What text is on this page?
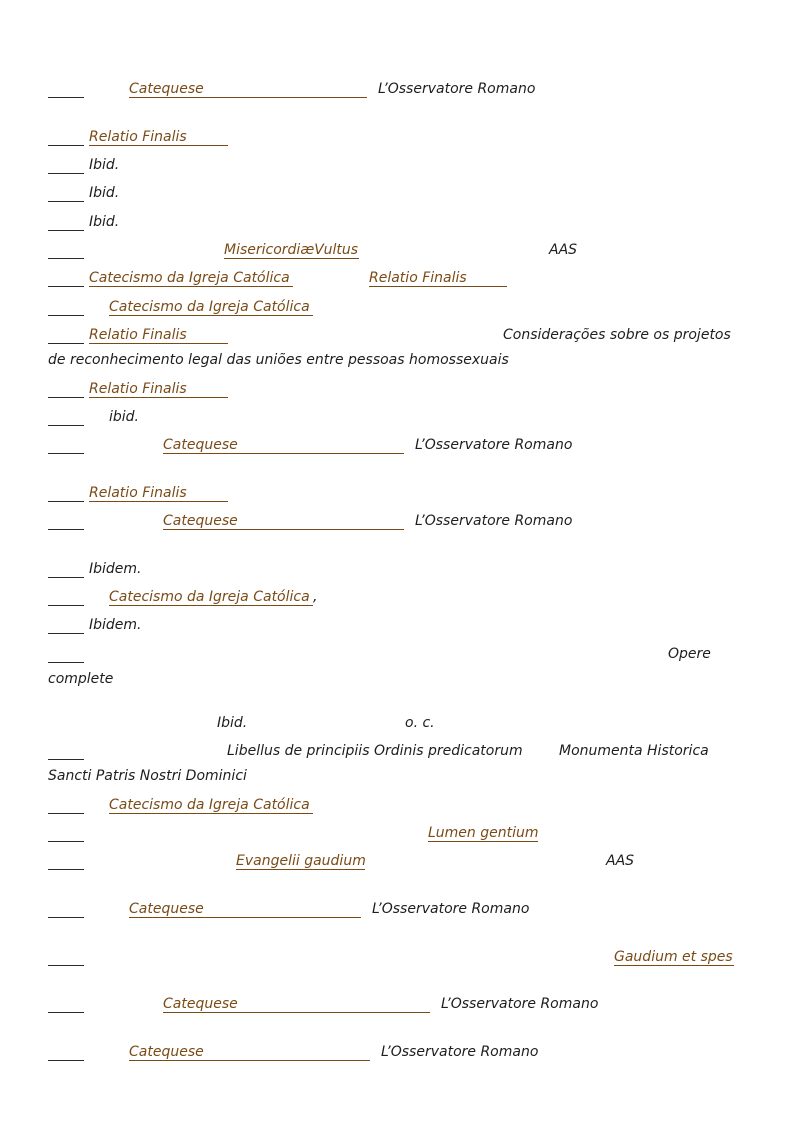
Catequese	L’Osservatore Romano
Relatio Finalis
Ibid.
Ibid.
Ibid.
MisericordiæVultus	AAS
Catecismo da Igreja Católica	Relatio Finalis
Catecismo da Igreja Católica
Relatio Finalis	Considerações sobre os projetos
de reconhecimento legal das uniões entre pessoas homossexuais
Relatio Finalis
ibid.
Catequese	L’Osservatore Romano
Relatio Finalis
Catequese	L’Osservatore Romano
Ibidem.
Catecismo da Igreja Católica ,
Ibidem.
Opere
complete
Ibid.	o. c.
Libellus de principiis Ordinis predicatorum	Monumenta Historica
Sancti Patris Nostri Dominici
Catecismo da Igreja Católica
Lumen gentium
Evangelii gaudium	AAS
Catequese	L’Osservatore Romano
Gaudium et spes
Catequese	L’Osservatore Romano
Catequese	L’Osservatore Romano
